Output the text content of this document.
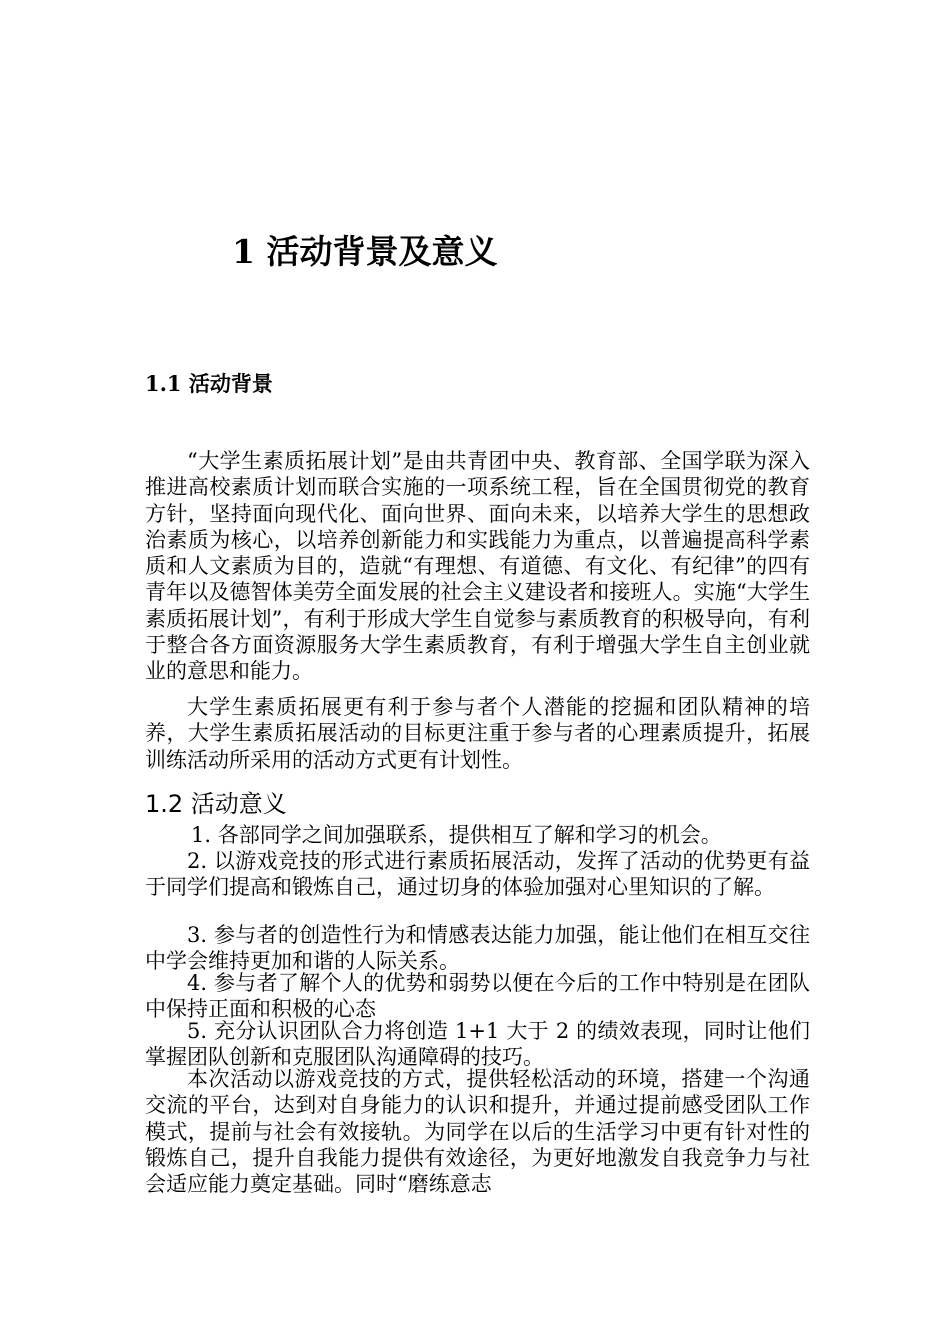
1 活动背景及意义
1.1 活动背景

“大学生素质拓展计划”是由共青团中央、教育部、全国学联为深入推进高校素质计划而联合实施的一项系统工程，旨在全国贯彻党的教育方针，坚持面向现代化、面向世界、面向未来，以培养大学生的思想政治素质为核心，以培养创新能力和实践能力为重点，以普遍提高科学素质和人文素质为目的，造就“有理想、有道德、有文化、有纪律”的四有青年以及德智体美劳全面发展的社会主义建设者和接班人。实施“大学生素质拓展计划”，有利于形成大学生自觉参与素质教育的积极导向，有利于整合各方面资源服务大学生素质教育，有利于增强大学生自主创业就业的意思和能力。

大学生素质拓展更有利于参与者个人潜能的挖掘和团队精神的培养，大学生素质拓展活动的目标更注重于参与者的心理素质提升，拓展训练活动所采用的活动方式更有计划性。

1.2 活动意义

1. 各部同学之间加强联系，提供相互了解和学习的机会。

2. 以游戏竞技的形式进行素质拓展活动，发挥了活动的优势更有益于同学们提高和锻炼自己，通过切身的体验加强对心里知识的了解。

3. 参与者的创造性行为和情感表达能力加强，能让他们在相互交往中学会维持更加和谐的人际关系。

4. 参与者了解个人的优势和弱势以便在今后的工作中特别是在团队中保持正面和积极的心态

5. 充分认识团队合力将创造 1+1 大于 2 的绩效表现，同时让他们掌握团队创新和克服团队沟通障碍的技巧。

本次活动以游戏竞技的方式，提供轻松活动的环境，搭建一个沟通交流的平台，达到对自身能力的认识和提升，并通过提前感受团队工作模式，提前与社会有效接轨。为同学在以后的生活学习中更有针对性的锻炼自己，提升自我能力提供有效途径，为更好地激发自我竞争力与社会适应能力奠定基础。同时“磨练意志
